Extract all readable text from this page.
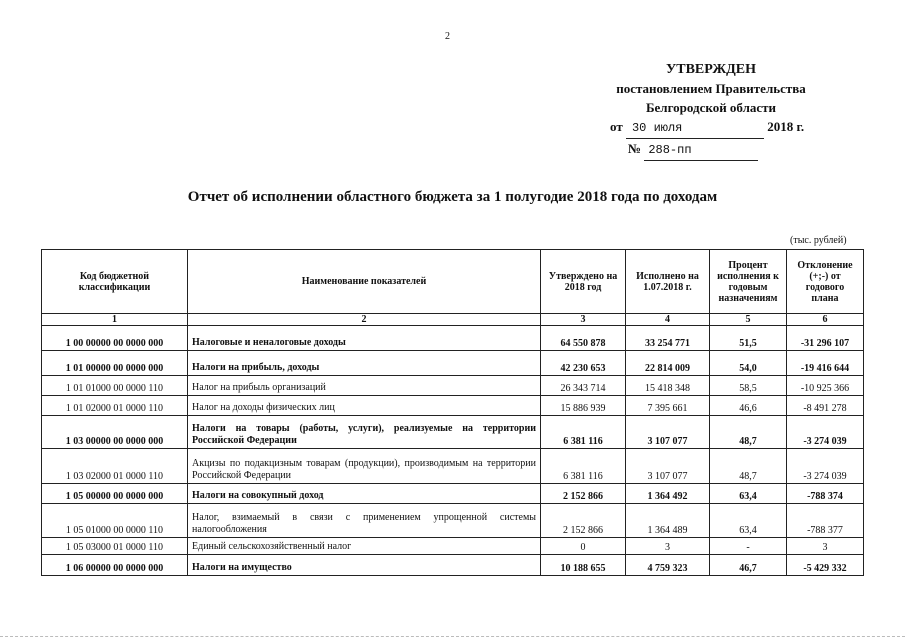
2
УТВЕРЖДЕН
постановлением Правительства
Белгородской области
от 30 июля	2018 г.
№ 288-пп
Отчет об исполнении областного бюджета за 1 полугодие 2018 года по доходам
(тыс. рублей)
Код бюджетной классификации	Наименование показателей	Утверждено на 2018 год	Исполнено на 1.07.2018 г.	Процент исполнения к годовым назначениям	Отклонение (+;-) от годового плана
1	2	3	4	5	6
1 00 00000 00 0000 000	Налоговые и неналоговые доходы	64 550 878	33 254 771	51,5	-31 296 107
1 01 00000 00 0000 000	Налоги на прибыль, доходы	42 230 653	22 814 009	54,0	-19 416 644
1 01 01000 00 0000 110	Налог на прибыль организаций	26 343 714	15 418 348	58,5	-10 925 366
1 01 02000 01 0000 110	Налог на доходы физических лиц	15 886 939	7 395 661	46,6	-8 491 278
1 03 00000 00 0000 000	Налоги на товары (работы, услуги), реализуемые на территории Российской Федерации	6 381 116	3 107 077	48,7	-3 274 039
1 03 02000 01 0000 110	Акцизы по подакцизным товарам (продукции), производимым на территории Российской Федерации	6 381 116	3 107 077	48,7	-3 274 039
1 05 00000 00 0000 000	Налоги на совокупный доход	2 152 866	1 364 492	63,4	-788 374
1 05 01000 00 0000 110	Налог, взимаемый в связи с применением упрощенной системы налогообложения	2 152 866	1 364 489	63,4	-788 377
1 05 03000 01 0000 110	Единый сельскохозяйственный налог	0	3	-	3
1 06 00000 00 0000 000	Налоги на имущество	10 188 655	4 759 323	46,7	-5 429 332
